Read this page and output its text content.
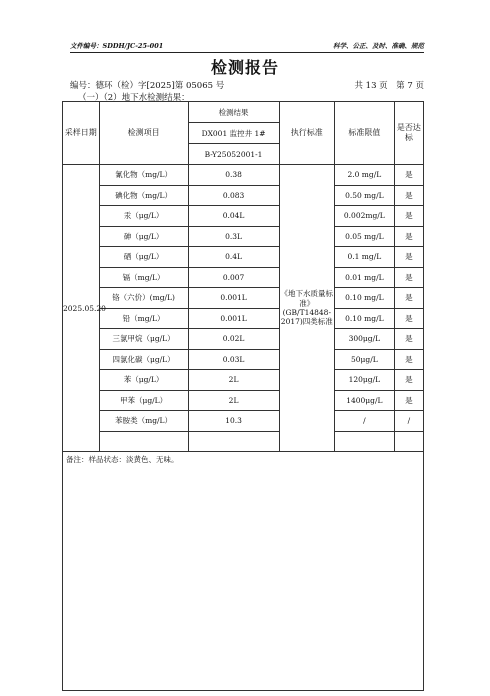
文件编号：SDDH/JC-25-001	科学、公正、及时、准确、规范
检测报告
编号：德环（检）字[2025]第 05065 号	共 13 页　第 7 页
（一）（2）地下水检测结果：
采样日期	检测项目	检测结果	执行标准	标准限值	是否达标
		DX001 监控井 1#			
		B-Y25052001-1			
2025.05.20	氰化物（mg/L）	0.38	《地下水质量标准》(GB/T14848-2017)四类标准	2.0 mg/L	是
	碘化物（mg/L）	0.083		0.50 mg/L	是
	汞（μg/L）	0.04L		0.002mg/L	是
	砷（μg/L）	0.3L		0.05 mg/L	是
	硒（μg/L）	0.4L		0.1 mg/L	是
	镉（mg/L）	0.007		0.01 mg/L	是
	铬（六价）(mg/L)	0.001L		0.10 mg/L	是
	铅（mg/L）	0.001L		0.10 mg/L	是
	三氯甲烷（μg/L）	0.02L		300μg/L	是
	四氯化碳（μg/L）	0.03L		50μg/L	是
	苯（μg/L）	2L		120μg/L	是
	甲苯（μg/L）	2L		1400μg/L	是
	苯胺类（mg/L）	10.3		/	/

备注：样品状态：淡黄色、无味。					
